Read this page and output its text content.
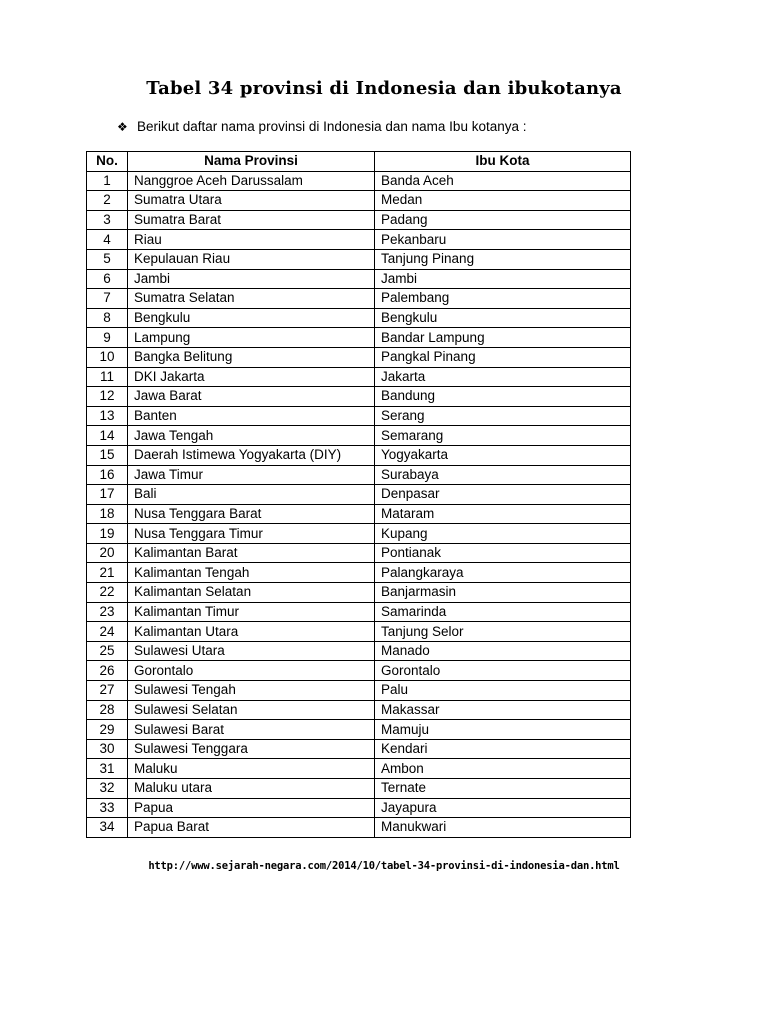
Tabel 34 provinsi di Indonesia dan ibukotanya
❖ Berikut daftar nama provinsi di Indonesia dan nama Ibu kotanya :
No.	Nama Provinsi	Ibu Kota
1	Nanggroe Aceh Darussalam	Banda Aceh
2	Sumatra Utara	Medan
3	Sumatra Barat	Padang
4	Riau	Pekanbaru
5	Kepulauan Riau	Tanjung Pinang
6	Jambi	Jambi
7	Sumatra Selatan	Palembang
8	Bengkulu	Bengkulu
9	Lampung	Bandar Lampung
10	Bangka Belitung	Pangkal Pinang
11	DKI Jakarta	Jakarta
12	Jawa Barat	Bandung
13	Banten	Serang
14	Jawa Tengah	Semarang
15	Daerah Istimewa Yogyakarta (DIY)	Yogyakarta
16	Jawa Timur	Surabaya
17	Bali	Denpasar
18	Nusa Tenggara Barat	Mataram
19	Nusa Tenggara Timur	Kupang
20	Kalimantan Barat	Pontianak
21	Kalimantan Tengah	Palangkaraya
22	Kalimantan Selatan	Banjarmasin
23	Kalimantan Timur	Samarinda
24	Kalimantan Utara	Tanjung Selor
25	Sulawesi Utara	Manado
26	Gorontalo	Gorontalo
27	Sulawesi Tengah	Palu
28	Sulawesi Selatan	Makassar
29	Sulawesi Barat	Mamuju
30	Sulawesi Tenggara	Kendari
31	Maluku	Ambon
32	Maluku utara	Ternate
33	Papua	Jayapura
34	Papua Barat	Manukwari
http://www.sejarah-negara.com/2014/10/tabel-34-provinsi-di-indonesia-dan.html
